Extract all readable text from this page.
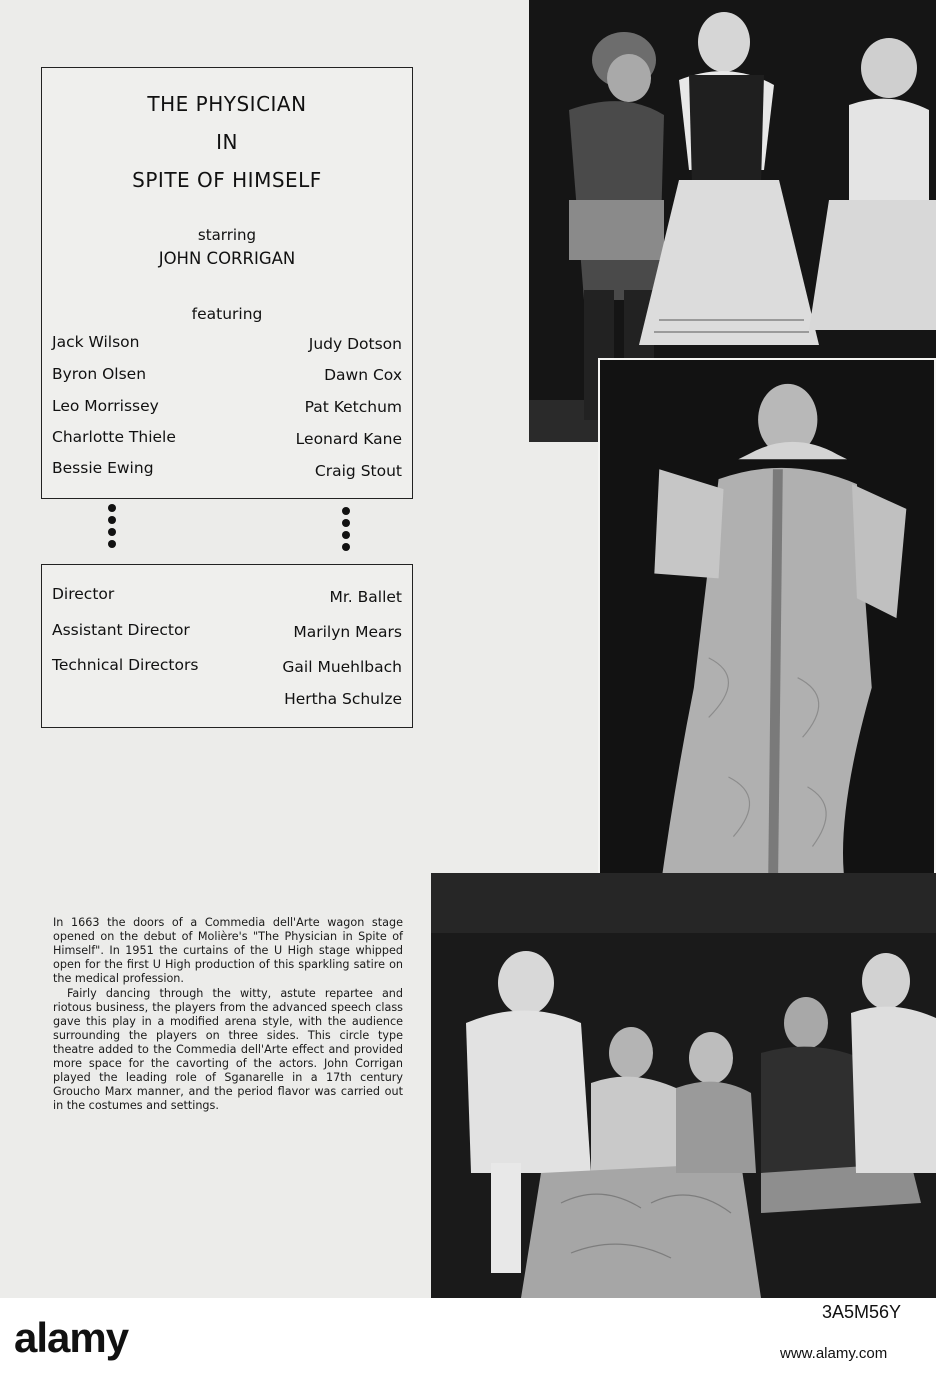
THE PHYSICIAN
IN
SPITE OF HIMSELF
starring
JOHN CORRIGAN
featuring
Jack Wilson
Byron Olsen
Leo Morrissey
Charlotte Thiele
Bessie Ewing
Judy Dotson
Dawn Cox
Pat Ketchum
Leonard Kane
Craig Stout
Director
Assistant Director
Technical Directors
Mr. Ballet
Marilyn Mears
Gail Muehlbach
Hertha Schulze

In 1663 the doors of a Commedia dell'Arte wagon stage opened on the debut of Molière's "The Physician in Spite of Himself". In 1951 the curtains of the U High stage whipped open for the first U High production of this sparkling satire on the medical profession.

Fairly dancing through the witty, astute repartee and riotous business, the players from the advanced speech class gave this play in a modified arena style, with the audience surrounding the players on three sides. This circle type theatre added to the Commedia dell'Arte effect and provided more space for the cavorting of the actors. John Corrigan played the leading role of Sganarelle in a 17th century Groucho Marx manner, and the period flavor was carried out in the costumes and settings.

alamy
3A5M56Y
www.alamy.com
